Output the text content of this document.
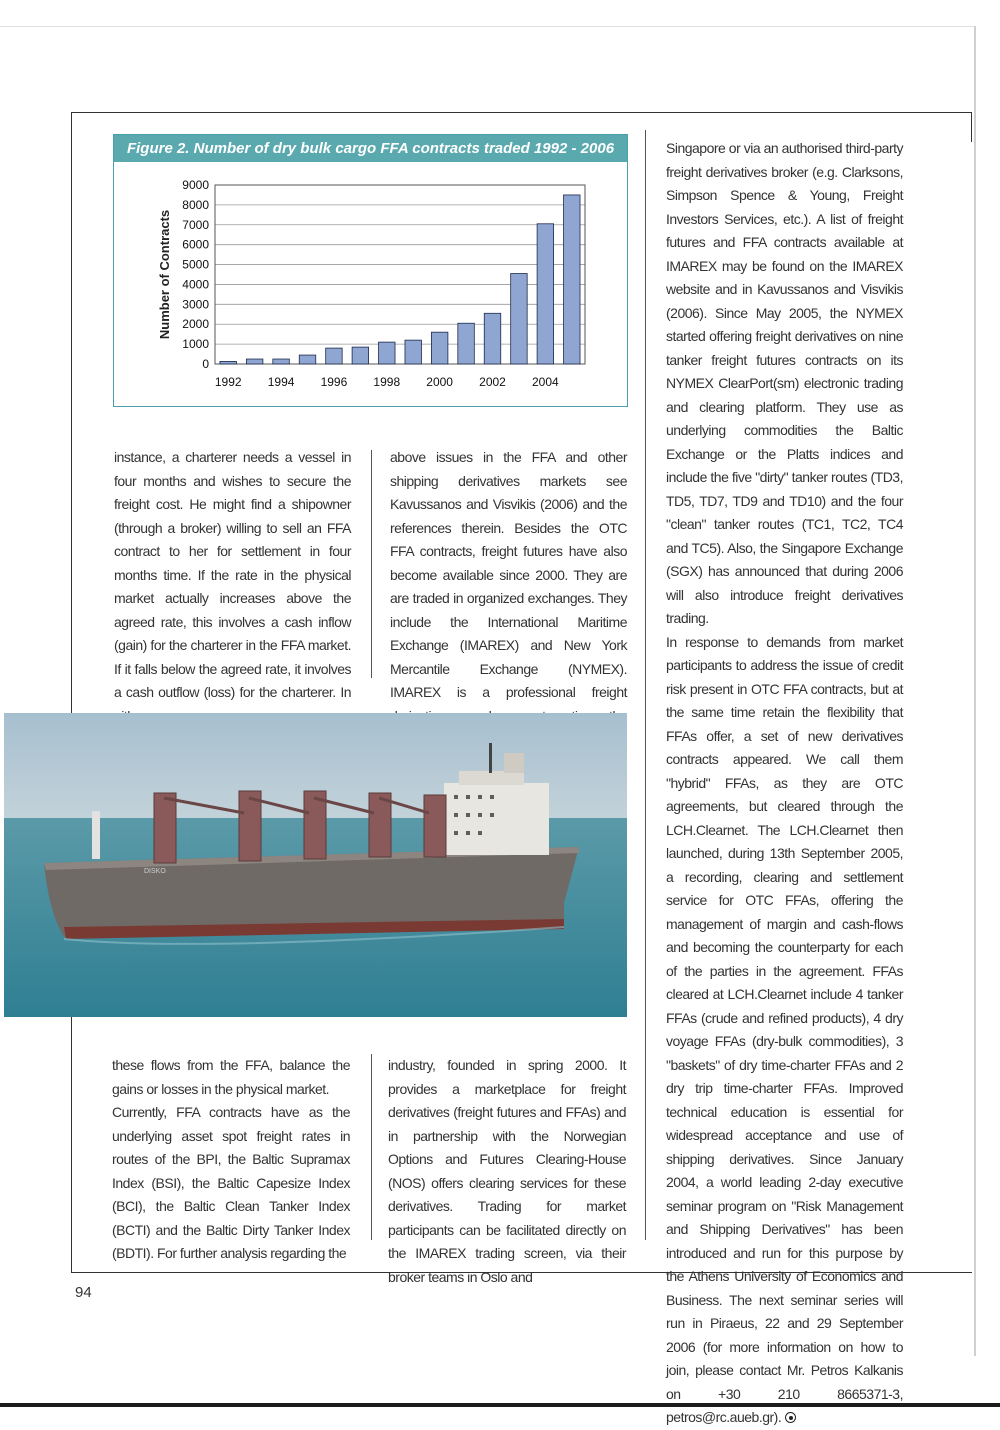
Figure 2. Number of dry bulk cargo FFA contracts traded 1992 - 2006
0
1000
2000
3000
4000
5000
6000
7000
8000
9000
1992 1994 1996 1998 2000 2002 2004
Number of Contracts

instance, a charterer needs a vessel in four months and wishes to secure the freight cost. He might find a shipowner (through a broker) willing to sell an FFA contract to her for settlement in four months time. If the rate in the physical market actually increases above the agreed rate, this involves a cash inflow (gain) for the charterer in the FFA market. If it falls below the agreed rate, it involves a cash outflow (loss) for the charterer. In

above issues in the FFA and other shipping derivatives markets see Kavussanos and Visvikis (2006) and the references therein. Besides the OTC FFA contracts, freight futures have also become available since 2000. They are are traded in organized exchanges. They include the International Maritime Exchange (IMAREX) and New York Mercantile Exchange (NYMEX). IMAREX is a professional freight

DISKO

these flows from the FFA, balance the gains or losses in the physical market.

Currently, FFA contracts have as the underlying asset spot freight rates in routes of the BPI, the Baltic Supramax Index (BSI), the Baltic Capesize Index (BCI), the Baltic Clean Tanker Index (BCTI) and the Baltic Dirty Tanker Index (BDTI). For further analysis regarding the

industry, founded in spring 2000. It provides a marketplace for freight derivatives (freight futures and FFAs) and in partnership with the Norwegian Options and Futures Clearing-House (NOS) offers clearing services for these derivatives. Trading for market participants can be facilitated directly on the IMAREX trading screen, via their broker teams in Oslo and

Singapore or via an authorised third-party freight derivatives broker (e.g. Clarksons, Simpson Spence & Young, Freight Investors Services, etc.). A list of freight futures and FFA contracts available at IMAREX may be found on the IMAREX website and in Kavussanos and Visvikis (2006). Since May 2005, the NYMEX started offering freight derivatives on nine tanker freight futures contracts on its NYMEX ClearPort(sm) electronic trading and clearing platform. They use as underlying commodities the Baltic Exchange or the Platts indices and include the five "dirty" tanker routes (TD3, TD5, TD7, TD9 and TD10) and the four "clean" tanker routes (TC1, TC2, TC4 and TC5). Also, the Singapore Exchange (SGX) has announced that during 2006 will also introduce freight derivatives trading.

In response to demands from market participants to address the issue of credit risk present in OTC FFA contracts, but at the same time retain the flexibility that FFAs offer, a set of new derivatives contracts appeared. We call them "hybrid" FFAs, as they are OTC agreements, but cleared through the LCH.Clearnet. The LCH.Clearnet then launched, during 13th September 2005, a recording, clearing and settlement service for OTC FFAs, offering the management of margin and cash-flows and becoming the counterparty for each of the parties in the agreement. FFAs cleared at LCH.Clearnet include 4 tanker FFAs (crude and refined products), 4 dry voyage FFAs (dry-bulk commodities), 3 "baskets" of dry time-charter FFAs and 2 dry trip time-charter FFAs. Improved technical education is essential for widespread acceptance and use of shipping derivatives. Since January 2004, a world leading 2-day executive seminar program on "Risk Management and Shipping Derivatives" has been introduced and run for this purpose by the Athens University of Economics and Business. The next seminar series will run in Piraeus, 22 and 29 September 2006 (for more information on how to join, please contact Mr. Petros Kalkanis on +30 210 8665371-3, petros@rc.aueb.gr).

94
